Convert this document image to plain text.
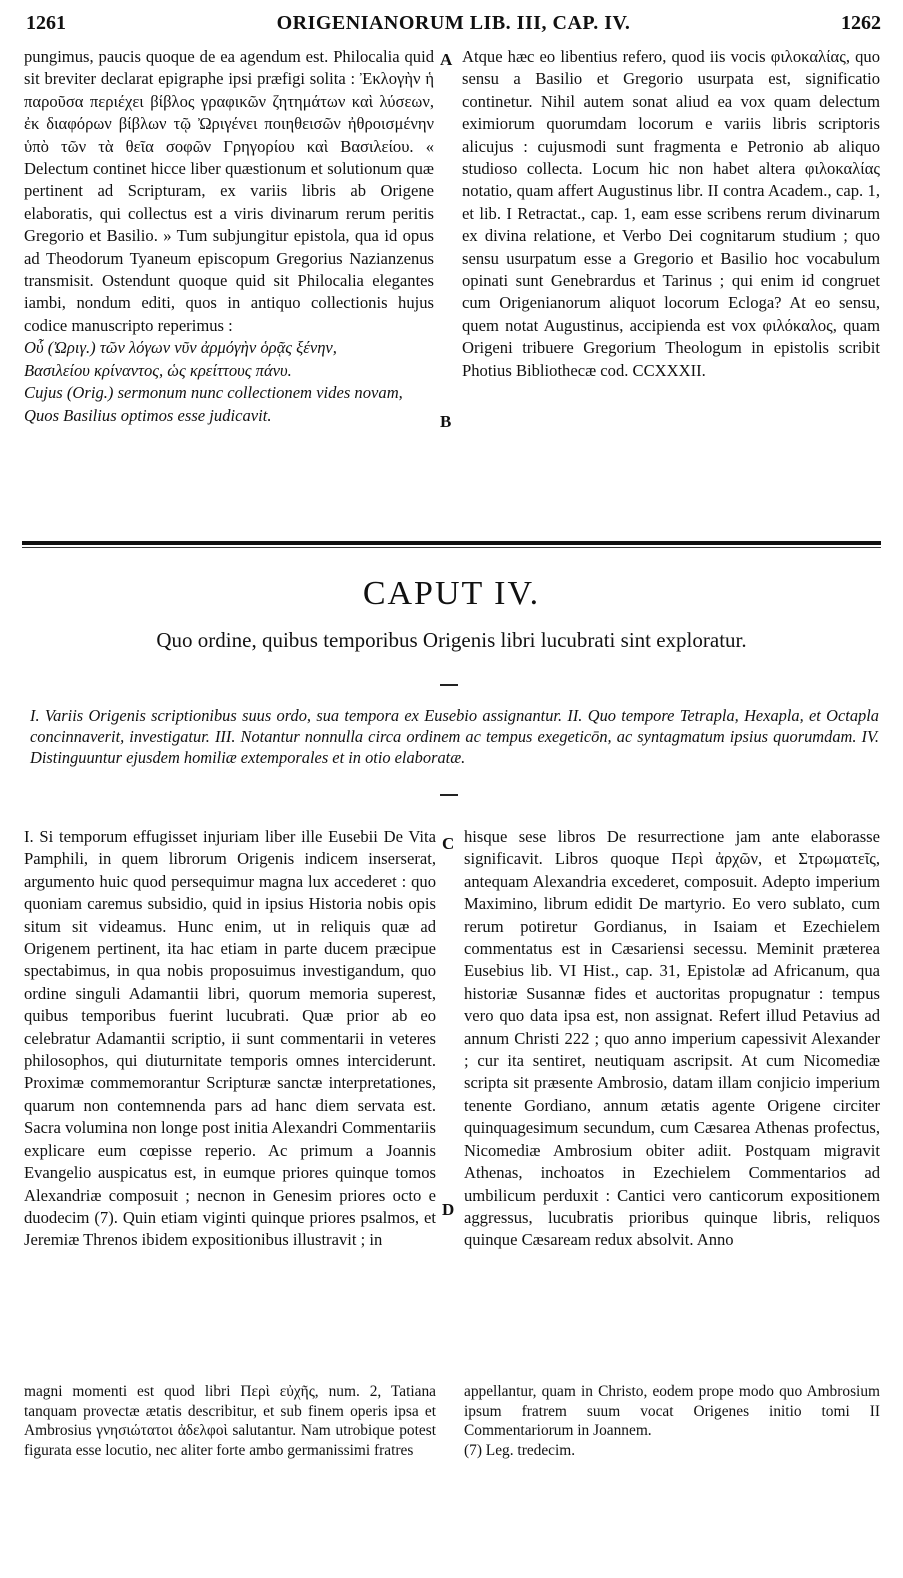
1261	ORIGENIANORUM LIB. III, CAP. IV.	1262

pungimus, paucis quoque de ea agendum est. Philocalia quid sit breviter declarat epigraphe ipsi præfigi solita : Ἐκλογὴν ἡ παροῦσα περιέχει βίβλος γραφικῶν ζητημάτων καὶ λύσεων, ἐκ διαφόρων βίβλων τῷ Ὠριγένει ποιηθεισῶν ἠθροισμένην ὑπὸ τῶν τὰ θεῖα σοφῶν Γρηγορίου καὶ Βασιλείου. « Delectum continet hicce liber quæstionum et solutionum quæ pertinent ad Scripturam, ex variis libris ab Origene elaboratis, qui collectus est a viris divinarum rerum peritis Gregorio et Basilio. » Tum subjungitur epistola, qua id opus ad Theodorum Tyaneum episcopum Gregorius Nazianzenus transmisit. Ostendunt quoque quid sit Philocalia elegantes iambi, nondum editi, quos in antiquo collectionis hujus codice manuscripto reperimus :

Οὗ (Ὠριγ.) τῶν λόγων νῦν ἀρμόγὴν ὁρᾷς ξένην,

Βασιλείου κρίναντος, ὡς κρείττους πάνυ.

Cujus (Orig.) sermonum nunc collectionem vides novam,

Quos Basilius optimos esse judicavit.

A
B

Atque hæc eo libentius refero, quod iis vocis φιλοκαλίας, quo sensu a Basilio et Gregorio usurpata est, significatio continetur. Nihil autem sonat aliud ea vox quam delectum eximiorum quorumdam locorum e variis libris scriptoris alicujus : cujusmodi sunt fragmenta e Petronio ab aliquo studioso collecta. Locum hic non habet altera φιλοκαλίας notatio, quam affert Augustinus libr. II contra Academ., cap. 1, et lib. I Retractat., cap. 1, eam esse scribens rerum divinarum ex divina relatione, et Verbo Dei cognitarum studium ; quo sensu usurpatum esse a Gregorio et Basilio hoc vocabulum opinati sunt Genebrardus et Tarinus ; qui enim id congruet cum Origenianorum aliquot locorum Ecloga? At eo sensu, quem notat Augustinus, accipienda est vox φιλόκαλος, quam Origeni tribuere Gregorium Theologum in epistolis scribit Photius Bibliothecæ cod. CCXXXII.

CAPUT IV.
Quo ordine, quibus temporibus Origenis libri lucubrati sint exploratur.
I. Variis Origenis scriptionibus suus ordo, sua tempora ex Eusebio assignantur. II. Quo tempore Tetrapla, Hexapla, et Octapla concinnaverit, investigatur. III. Notantur nonnulla circa ordinem ac tempus exegeticōn, ac syntagmatum ipsius quorumdam. IV. Distinguuntur ejusdem homiliæ extemporales et in otio elaboratæ.

I. Si temporum effugisset injuriam liber ille Eusebii De Vita Pamphili, in quem librorum Origenis indicem inserserat, argumento huic quod persequimur magna lux accederet : quo quoniam caremus subsidio, quid in ipsius Historia nobis opis situm sit videamus. Hunc enim, ut in reliquis quæ ad Origenem pertinent, ita hac etiam in parte ducem præcipue spectabimus, in qua nobis proposuimus investigandum, quo ordine singuli Adamantii libri, quorum memoria superest, quibus temporibus fuerint lucubrati. Quæ prior ab eo celebratur Adamantii scriptio, ii sunt commentarii in veteres philosophos, qui diuturnitate temporis omnes interciderunt. Proximæ commemorantur Scripturæ sanctæ interpretationes, quarum non contemnenda pars ad hanc diem servata est. Sacra volumina non longe post initia Alexandri Commentariis explicare eum cœpisse reperio. Ac primum a Joannis Evangelio auspicatus est, in eumque priores quinque tomos Alexandriæ composuit ; necnon in Genesim priores octo e duodecim (7). Quin etiam viginti quinque priores psalmos, et Jeremiæ Threnos ibidem expositionibus illustravit ; in

C
D

hisque sese libros De resurrectione jam ante elaborasse significavit. Libros quoque Περὶ ἀρχῶν, et Στρωματεῖς, antequam Alexandria excederet, composuit. Adepto imperium Maximino, librum edidit De martyrio. Eo vero sublato, cum rerum potiretur Gordianus, in Isaiam et Ezechielem commentatus est in Cæsariensi secessu. Meminit præterea Eusebius lib. VI Hist., cap. 31, Epistolæ ad Africanum, qua historiæ Susannæ fides et auctoritas propugnatur : tempus vero quo data ipsa est, non assignat. Refert illud Petavius ad annum Christi 222 ; quo anno imperium capessivit Alexander ; cur ita sentiret, neutiquam ascripsit. At cum Nicomediæ scripta sit præsente Ambrosio, datam illam conjicio imperium tenente Gordiano, annum ætatis agente Origene circiter quinquagesimum secundum, cum Cæsarea Athenas profectus, Nicomediæ Ambrosium obiter adiit. Postquam migravit Athenas, inchoatos in Ezechielem Commentarios ad umbilicum perduxit : Cantici vero canticorum expositionem aggressus, lucubratis prioribus quinque libris, reliquos quinque Cæsaream redux absolvit. Anno

magni momenti est quod libri Περὶ εὐχῆς, num. 2, Tatiana tanquam provectæ ætatis describitur, et sub finem operis ipsa et Ambrosius γνησιώτατοι ἀδελφοὶ salutantur. Nam utrobique potest figurata esse locutio, nec aliter forte ambo germanissimi fratres
appellantur, quam in Christo, eodem prope modo quo Ambrosium ipsum fratrem suum vocat Origenes initio tomi II Commentariorum in Joannem.
(7) Leg. tredecim.
